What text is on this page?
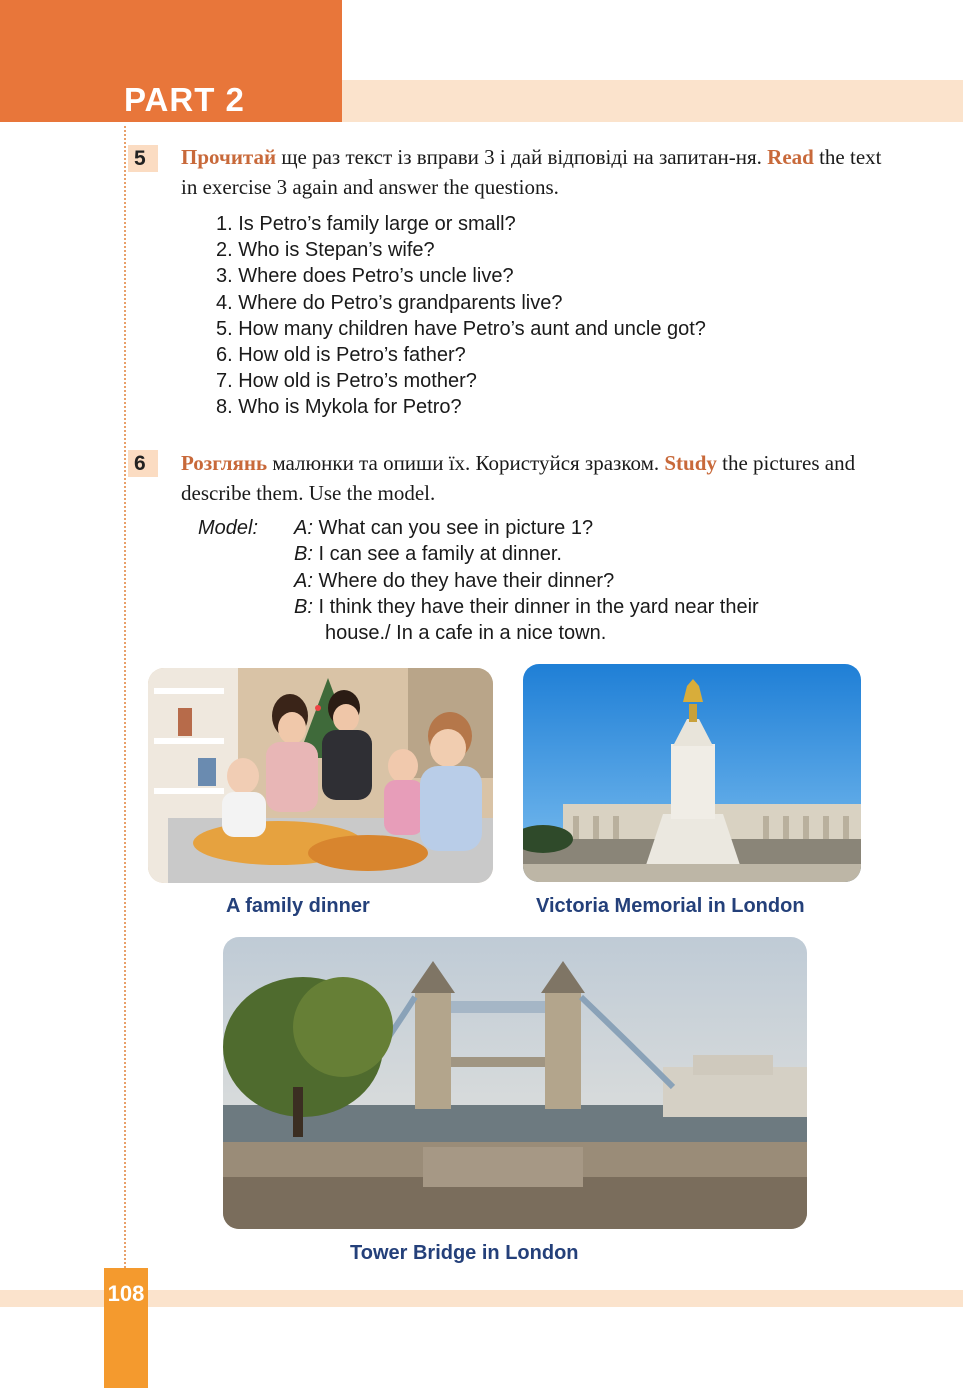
PART 2
5	Прочитай ще раз текст із вправи 3 і дай відповіді на запитан-ня. Read the text in exercise 3 again and answer the questions.
1. Is Petro’s family large or small?
2. Who is Stepan’s wife?
3. Where does Petro’s uncle live?
4. Where do Petro’s grandparents live?
5. How many children have Petro’s aunt and uncle got?
6. How old is Petro’s father?
7. How old is Petro’s mother?
8. Who is Mykola for Petro?
6	Розглянь малюнки та опиши їх. Користуйся зразком. Study the pictures and describe them. Use the model.
Model: A: What can you see in picture 1?
B: I can see a family at dinner.
A: Where do they have their dinner?
B: I think they have their dinner in the yard near their
house./ In a cafe in a nice town.
A family dinner	Victoria Memorial in London
Tower Bridge in London
108
